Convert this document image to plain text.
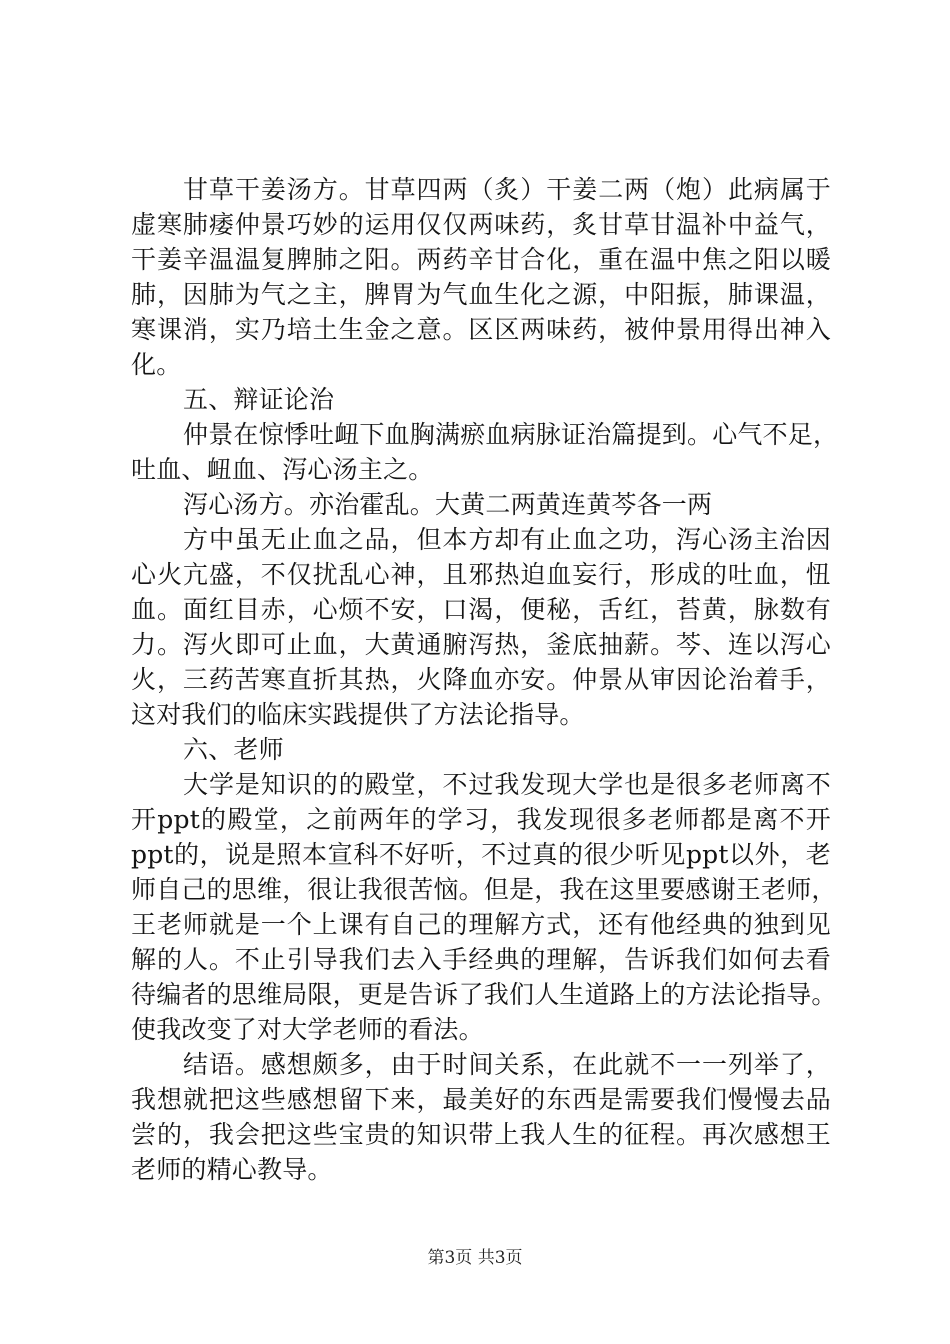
甘草干姜汤方。甘草四两（炙）干姜二两（炮）此病属于
虚寒肺痿仲景巧妙的运用仅仅两味药，炙甘草甘温补中益气，
干姜辛温温复脾肺之阳。两药辛甘合化，重在温中焦之阳以暖
肺，因肺为气之主，脾胃为气血生化之源，中阳振，肺课温，
寒课消，实乃培土生金之意。区区两味药，被仲景用得出神入
化。
五、辩证论治
仲景在惊悸吐衄下血胸满瘀血病脉证治篇提到。心气不足，
吐血、衄血、泻心汤主之。
泻心汤方。亦治霍乱。大黄二两黄连黄芩各一两
方中虽无止血之品，但本方却有止血之功，泻心汤主治因
心火亢盛，不仅扰乱心神，且邪热迫血妄行，形成的吐血，忸
血。面红目赤，心烦不安，口渴，便秘，舌红，苔黄，脉数有
力。泻火即可止血，大黄通腑泻热，釜底抽薪。芩、连以泻心
火，三药苦寒直折其热，火降血亦安。仲景从审因论治着手，
这对我们的临床实践提供了方法论指导。
六、老师
大学是知识的的殿堂，不过我发现大学也是很多老师离不
开ppt的殿堂，之前两年的学习，我发现很多老师都是离不开
ppt的，说是照本宣科不好听，不过真的很少听见ppt以外，老
师自己的思维，很让我很苦恼。但是，我在这里要感谢王老师，
王老师就是一个上课有自己的理解方式，还有他经典的独到见
解的人。不止引导我们去入手经典的理解，告诉我们如何去看
待编者的思维局限，更是告诉了我们人生道路上的方法论指导。
使我改变了对大学老师的看法。
结语。感想颇多，由于时间关系，在此就不一一列举了，
我想就把这些感想留下来，最美好的东西是需要我们慢慢去品
尝的，我会把这些宝贵的知识带上我人生的征程。再次感想王
老师的精心教导。
第3页 共3页
